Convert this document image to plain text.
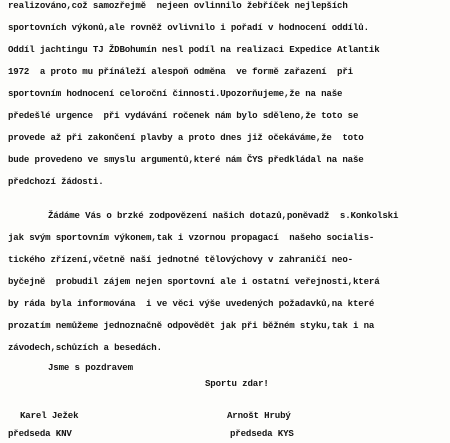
realizováno,což samozřejmě  nejeen ovlinnilo žebříček nejlepších
sportovních výkonů,ale rovněž ovlivnilo i pořadí v hodnocení oddílů.
Oddíl jachtingu TJ ŽDBohumín nesl podíl na realizaci Expedice Atlantik
1972  a proto mu přínáleží alespoň odměna  ve formě zařazení  při
sportovním hodnocení celoroční činnosti.Upozorňujeme,že na naše
předešlé urgence  při vydávání ročenek nám bylo sděleno,že toto se
provede až při zakončení plavby a proto dnes již očekáváme,že  toto
bude provedeno ve smyslu argumentů,které nám ČYS předkládal na naše
předchozí žádosti.
Žádáme Vás o brzké zodpovězení našich dotazů,poněvadž  s.Konkolski
jak svým sportovním výkonem,tak i vzornou propagací  našeho socialis-
tického zřízení,včetně naší jednotné tělovýchovy v zahraničí neo-
byčejně  probudil zájem nejen sportovní ale i ostatní veřejnosti,která
by ráda byla informována  i ve věci výše uvedených požadavků,na které
prozatím nemůžeme jednoznačně odpovědět jak při běžném styku,tak i na
závodech,schůzích a besedách.
Jsme s pozdravem
Sportu zdar!
Karel Ježek
předseda KNV
Arnošt Hrubý
předseda KYS
